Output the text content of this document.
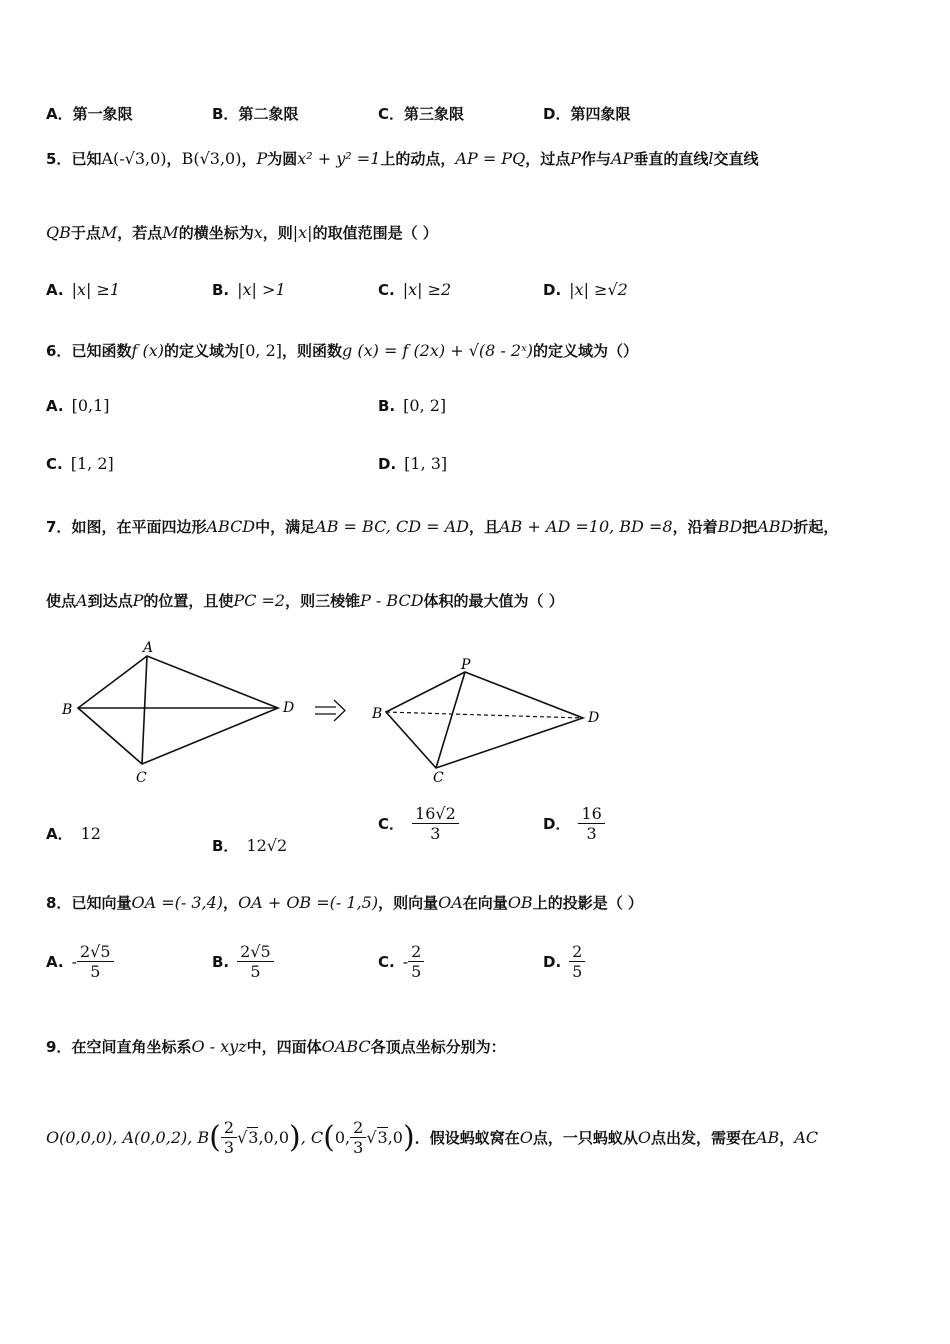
A． 第一象限	B． 第二象限	C． 第三象限	D． 第四象限
5． 已知 A(-√3,0) ， B(√3,0) ， P 为圆 x² + y² =1 上的动点， AP = PQ ，过点 P 作与 AP 垂直的直线 l 交直线
QB 于点 M ，若点 M 的横坐标为 x ，则 |x| 的取值范围是（ ）
A. |x| ≥1	B. |x| >1	C. |x| ≥2	D. |x| ≥√2
6． 已知函数 f (x) 的定义域为 [0, 2] ，则函数 g (x) = f (2x) + √(8 - 2ˣ) 的定义域为（）
A. [0,1]	B. [0, 2]
C. [1, 2]	D. [1, 3]
7． 如图，在平面四边形 ABCD 中，满足 AB = BC, CD = AD ，且 AB + AD =10, BD =8 ，沿着 BD 把 ABD 折起，
使点 A 到达点 P 的位置，且使 PC =2 ，则三棱锥 P - BCD 体积的最大值为（ ）
A
B
C
D
P
B
C
D
A． 12
B． 12√2
C． $\frac{16√2}{3}$	D． $\frac{16}{3}$
8． 已知向量 OA =(- 3,4) ， OA + OB =(- 1,5) ，则向量 OA 在向量 OB 上的投影是（ ）
A. - $\frac{2√5}{5}$	B. $\frac{2√5}{5}$	C. - $\frac{2}{5}$	D. $\frac{2}{5}$
9． 在空间直角坐标系 O - xyz 中，四面体 OABC 各顶点坐标分别为：
O(0,0,0), A(0,0,2), B ( $\frac{2}{3} √3,0,0$ ) , C ( 0, $\frac{2}{3} √3,0$ ) ．假设蚂蚁窝在 O 点，一只蚂蚁从 O 点出发，需要在 AB ， AC
